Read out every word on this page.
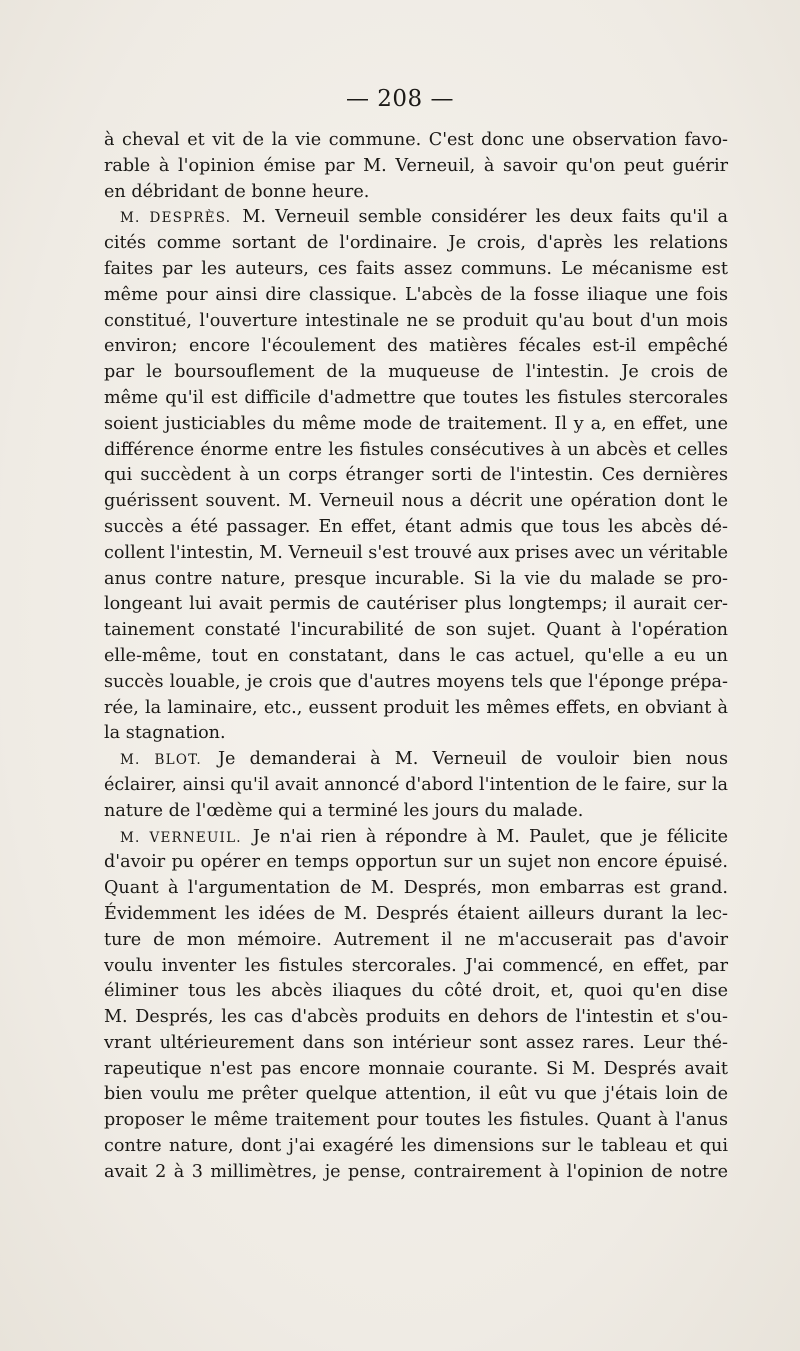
— 208 —
à cheval et vit de la vie commune. C'est donc une observation favo-
rable à l'opinion émise par M. Verneuil, à savoir qu'on peut guérir
en débridant de bonne heure.
M. DESPRÈS. M. Verneuil semble considérer les deux faits qu'il a
cités comme sortant de l'ordinaire. Je crois, d'après les relations
faites par les auteurs, ces faits assez communs. Le mécanisme est
même pour ainsi dire classique. L'abcès de la fosse iliaque une fois
constitué, l'ouverture intestinale ne se produit qu'au bout d'un mois
environ; encore l'écoulement des matières fécales est-il empêché
par le boursouflement de la muqueuse de l'intestin. Je crois de
même qu'il est difficile d'admettre que toutes les fistules stercorales
soient justiciables du même mode de traitement. Il y a, en effet, une
différence énorme entre les fistules consécutives à un abcès et celles
qui succèdent à un corps étranger sorti de l'intestin. Ces dernières
guérissent souvent. M. Verneuil nous a décrit une opération dont le
succès a été passager. En effet, étant admis que tous les abcès dé-
collent l'intestin, M. Verneuil s'est trouvé aux prises avec un véritable
anus contre nature, presque incurable. Si la vie du malade se pro-
longeant lui avait permis de cautériser plus longtemps; il aurait cer-
tainement constaté l'incurabilité de son sujet. Quant à l'opération
elle-même, tout en constatant, dans le cas actuel, qu'elle a eu un
succès louable, je crois que d'autres moyens tels que l'éponge prépa-
rée, la laminaire, etc., eussent produit les mêmes effets, en obviant à
la stagnation.
M. BLOT. Je demanderai à M. Verneuil de vouloir bien nous
éclairer, ainsi qu'il avait annoncé d'abord l'intention de le faire, sur la
nature de l'œdème qui a terminé les jours du malade.
M. VERNEUIL. Je n'ai rien à répondre à M. Paulet, que je félicite
d'avoir pu opérer en temps opportun sur un sujet non encore épuisé.
Quant à l'argumentation de M. Després, mon embarras est grand.
Évidemment les idées de M. Després étaient ailleurs durant la lec-
ture de mon mémoire. Autrement il ne m'accuserait pas d'avoir
voulu inventer les fistules stercorales. J'ai commencé, en effet, par
éliminer tous les abcès iliaques du côté droit, et, quoi qu'en dise
M. Després, les cas d'abcès produits en dehors de l'intestin et s'ou-
vrant ultérieurement dans son intérieur sont assez rares. Leur thé-
rapeutique n'est pas encore monnaie courante. Si M. Després avait
bien voulu me prêter quelque attention, il eût vu que j'étais loin de
proposer le même traitement pour toutes les fistules. Quant à l'anus
contre nature, dont j'ai exagéré les dimensions sur le tableau et qui
avait 2 à 3 millimètres, je pense, contrairement à l'opinion de notre
